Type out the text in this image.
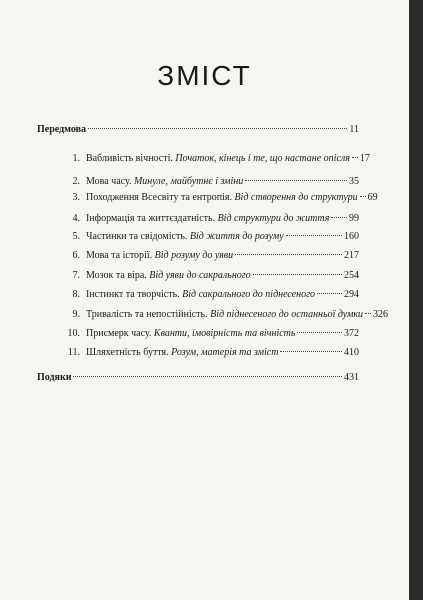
ЗМІСТ
Передмова	11
1. Вабливість вічності. Початок, кінець і те, що настане опісля 17
2. Мова часу. Минуле, майбутнє і зміни	35
3. Походження Всесвіту та ентропія. Від створення до структури 69
4. Інформація та життєздатність. Від структури до життя 99
5. Частинки та свідомість. Від життя до розуму	160
6. Мова та історії. Від розуму до уяви	217
7. Мозок та віра. Від уяви до сакрального	254
8. Інстинкт та творчість. Від сакрального до піднесеного	294
9. Тривалість та непостійність. Від піднесеного до останньої думки 326
10. Присмерк часу. Кванти, імовірність та вічність	372
11. Шляхетність буття. Розум, матерія та зміст	410
Подяки	431
